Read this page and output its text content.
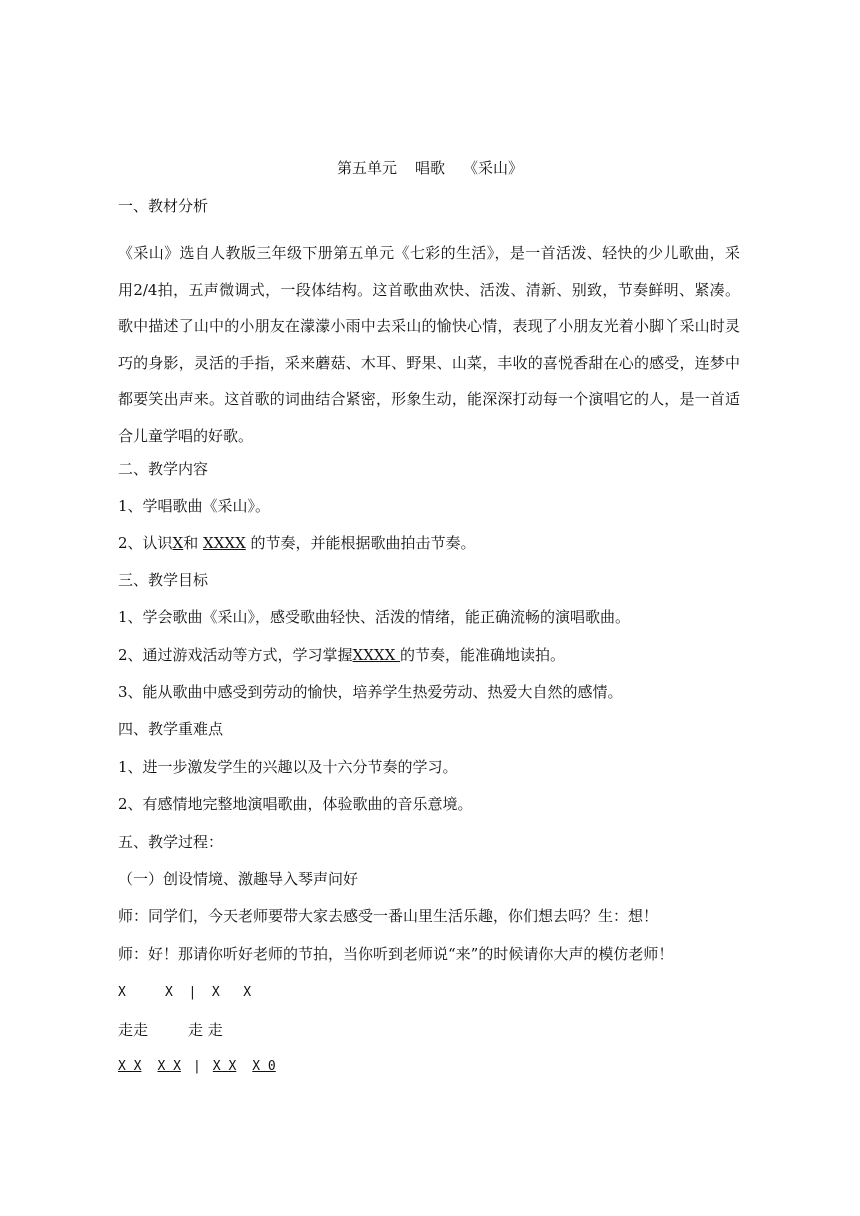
第五单元 唱歌 《采山》
一、教材分析
《采山》选自人教版三年级下册第五单元《七彩的生活》，是一首活泼、轻快的少儿歌曲，采用2/4拍，五声微调式，一段体结构。这首歌曲欢快、活泼、清新、别致，节奏鲜明、紧凑。歌中描述了山中的小朋友在濛濛小雨中去采山的愉快心情，表现了小朋友光着小脚丫采山时灵巧的身影，灵活的手指，采来蘑菇、木耳、野果、山菜，丰收的喜悦香甜在心的感受，连梦中都要笑出声来。这首歌的词曲结合紧密，形象生动，能深深打动每一个演唱它的人，是一首适合儿童学唱的好歌。
二、教学内容
1、学唱歌曲《采山》。
2、认识X和 XXXX 的节奏，并能根据歌曲拍击节奏。
三、教学目标
1、学会歌曲《采山》，感受歌曲轻快、活泼的情绪，能正确流畅的演唱歌曲。
2、通过游戏活动等方式，学习掌握XXXX 的节奏，能准确地读拍。
3、能从歌曲中感受到劳动的愉快，培养学生热爱劳动、热爱大自然的感情。
四、教学重难点
1、进一步激发学生的兴趣以及十六分节奏的学习。
2、有感情地完整地演唱歌曲，体验歌曲的音乐意境。
五、教学过程：
（一）创设情境、激趣导入琴声问好
师：同学们，今天老师要带大家去感受一番山里生活乐趣，你们想去吗？生：想！
师：好！那请你听好老师的节拍，当你听到老师说“来”的时候请你大声的模仿老师！
X     X  |  X   X
走走	走 走
X X X X | X X X 0
